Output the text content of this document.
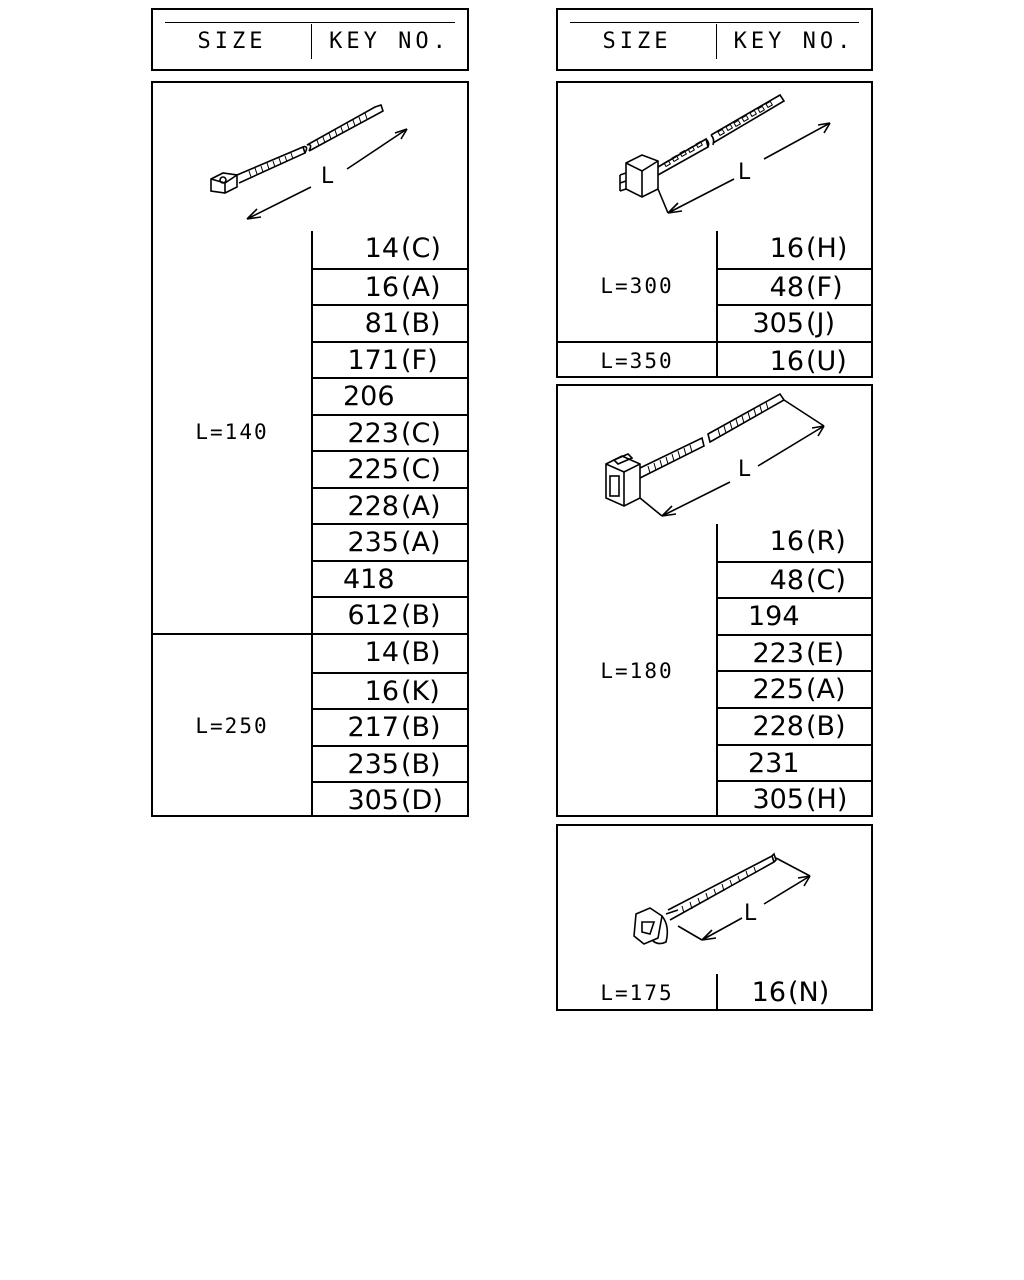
SIZE	KEY NO.
L
L=140
14(C)
16(A)
81(B)
171(F)
206
223(C)
225(C)
228(A)
235(A)
418
612(B)
L=250
14(B)
16(K)
217(B)
235(B)
305(D)
SIZE	KEY NO.
L
L=300
16(H)
48(F)
305(J)
L=350	16(U)
L
L=180
16(R)
48(C)
194
223(E)
225(A)
228(B)
231
305(H)
L
L=175	16(N)
